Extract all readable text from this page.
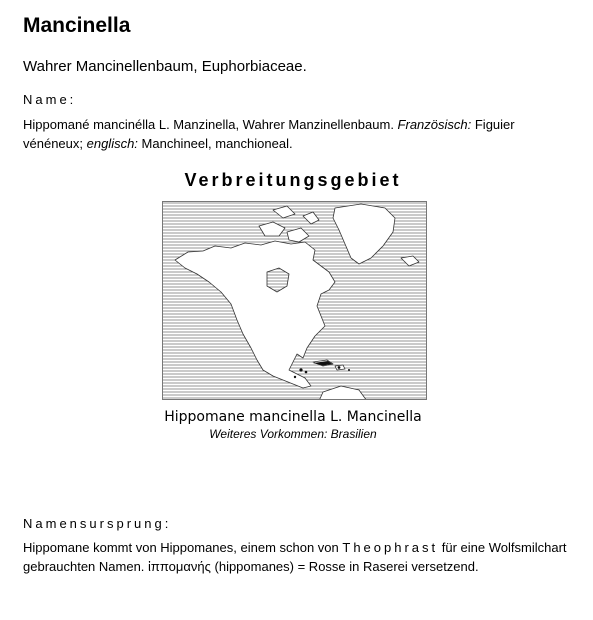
Mancinella
Wahrer Mancinellenbaum, Euphorbiaceae.
Name:
Hippomané mancinélla L. Manzinella, Wahrer Manzinellenbaum. Französisch: Figuier vénéneux; englisch: Manchineel, manchioneal.
Verbreitungsgebiet
Hippomane mancinella L. Mancinella
Weiteres Vorkommen: Brasilien
Namensursprung:
Hippomane kommt von Hippomanes, einem schon von Theophrast für eine Wolfsmilchart gebrauchten Namen. ἱππομανής (hippomanes) = Rosse in Raserei versetzend.
